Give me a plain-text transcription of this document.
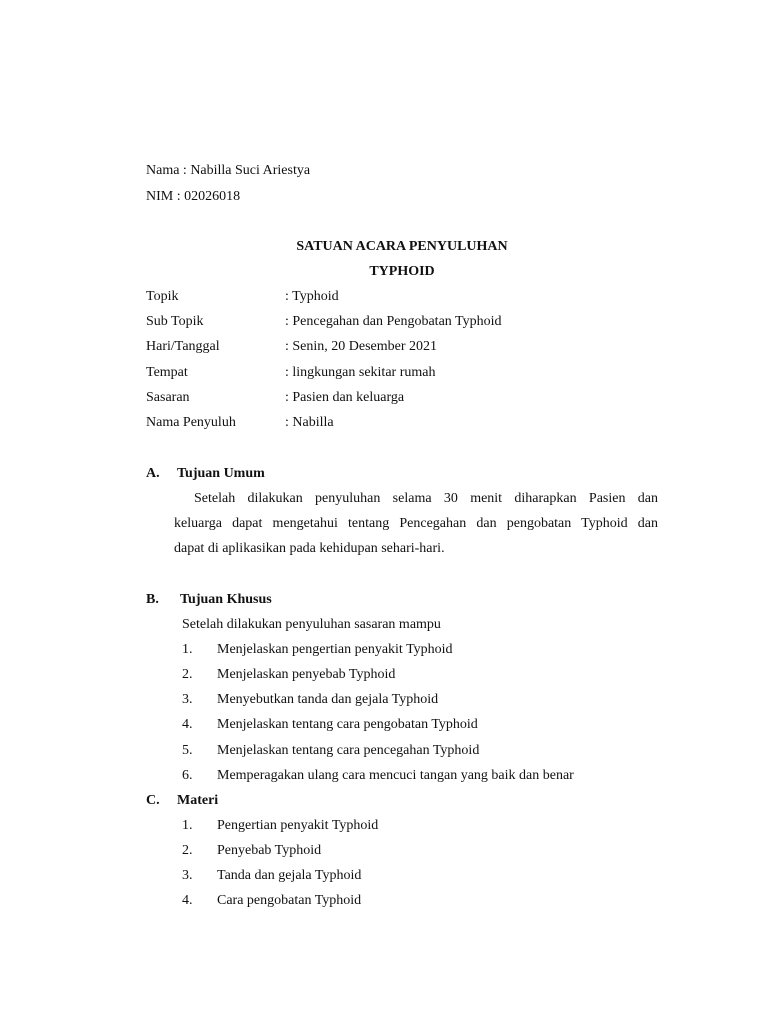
Nama : Nabilla Suci Ariestya
NIM : 02026018
SATUAN ACARA PENYULUHAN
TYPHOID
Topik	: Typhoid
Sub Topik	: Pencegahan dan Pengobatan Typhoid
Hari/Tanggal	: Senin, 20 Desember 2021
Tempat	: lingkungan sekitar rumah
Sasaran	: Pasien dan keluarga
Nama Penyuluh	: Nabilla
A. Tujuan Umum
Setelah dilakukan penyuluhan selama 30 menit diharapkan Pasien dan
keluarga dapat mengetahui tentang Pencegahan dan pengobatan Typhoid dan
dapat di aplikasikan pada kehidupan sehari-hari.
B. Tujuan Khusus
Setelah dilakukan penyuluhan sasaran mampu
1. Menjelaskan pengertian penyakit Typhoid
2. Menjelaskan penyebab Typhoid
3. Menyebutkan tanda dan gejala Typhoid
4. Menjelaskan tentang cara pengobatan Typhoid
5. Menjelaskan tentang cara pencegahan Typhoid
6. Memperagakan ulang cara mencuci tangan yang baik dan benar
C. Materi
1. Pengertian penyakit Typhoid
2. Penyebab Typhoid
3. Tanda dan gejala Typhoid
4. Cara pengobatan Typhoid
